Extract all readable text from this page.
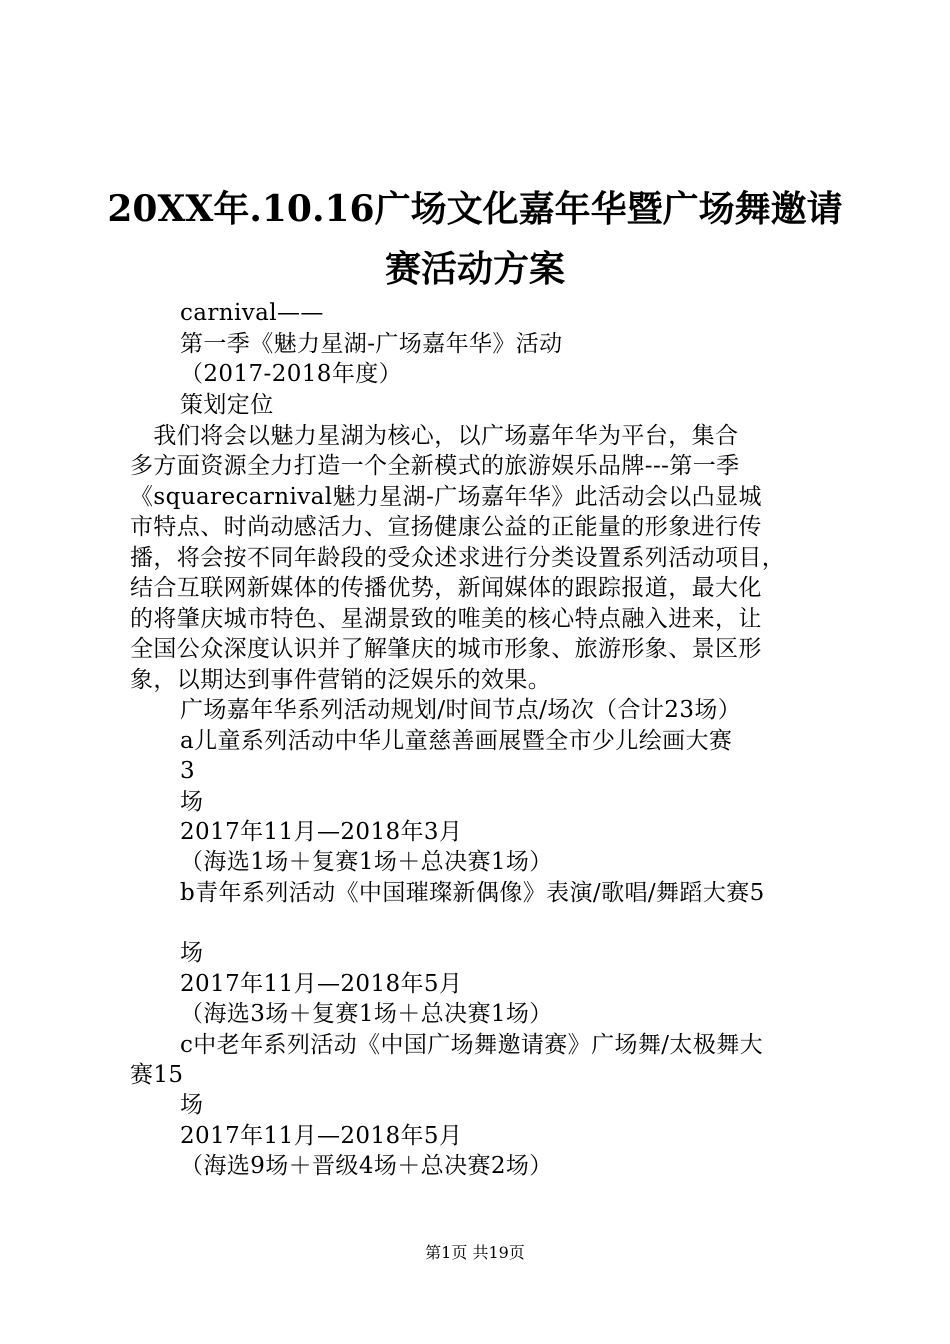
20XX年.10.16广场文化嘉年华暨广场舞邀请
赛活动方案
carnival——
第一季《魅力星湖-广场嘉年华》活动
（2017-2018年度）
策划定位
　我们将会以魅力星湖为核心，以广场嘉年华为平台，集合
多方面资源全力打造一个全新模式的旅游娱乐品牌---第一季
《squarecarnival魅力星湖-广场嘉年华》此活动会以凸显城
市特点、时尚动感活力、宣扬健康公益的正能量的形象进行传
播，将会按不同年龄段的受众述求进行分类设置系列活动项目，
结合互联网新媒体的传播优势，新闻媒体的跟踪报道，最大化
的将肇庆城市特色、星湖景致的唯美的核心特点融入进来，让
全国公众深度认识并了解肇庆的城市形象、旅游形象、景区形
象，以期达到事件营销的泛娱乐的效果。
广场嘉年华系列活动规划/时间节点/场次（合计23场）
a儿童系列活动中华儿童慈善画展暨全市少儿绘画大赛
3
场
2017年11月—2018年3月
（海选1场＋复赛1场＋总决赛1场）
b青年系列活动《中国璀璨新偶像》表演/歌唱/舞蹈大赛5
场
2017年11月—2018年5月
（海选3场＋复赛1场＋总决赛1场）
c中老年系列活动《中国广场舞邀请赛》广场舞/太极舞大
赛15
场
2017年11月—2018年5月
（海选9场＋晋级4场＋总决赛2场）
第1页 共19页
